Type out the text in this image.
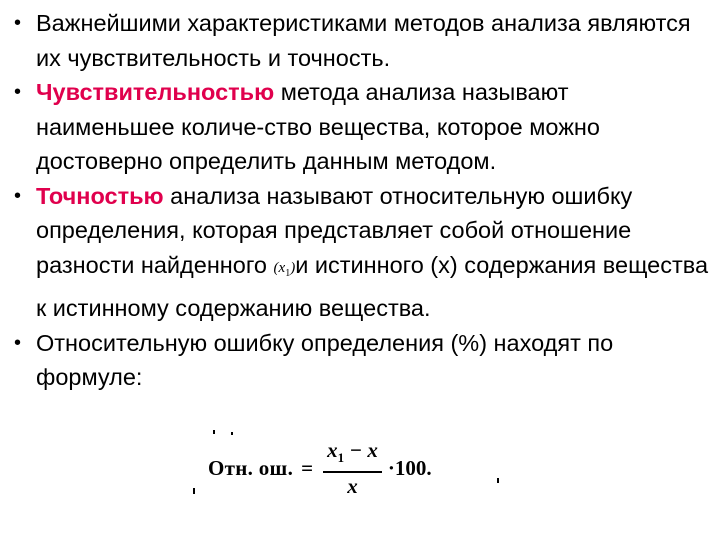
• Важнейшими характеристиками методов анализа являются их чувствительность и точность.
• Чувствительностью метода анализа называют наименьшее количе-ство вещества, которое можно достоверно определить данным методом.
• Точностью анализа называют относительную ошибку определения, которая представляет собой отношение разности найденного $(x_1)и$ истинного (x) содержания вещества к истинному содержанию вещества.
• Относительную ошибку определения (%) находят по формуле:
Отн. ош. = $\frac{x_1 - x}{x} \cdot 100$.
